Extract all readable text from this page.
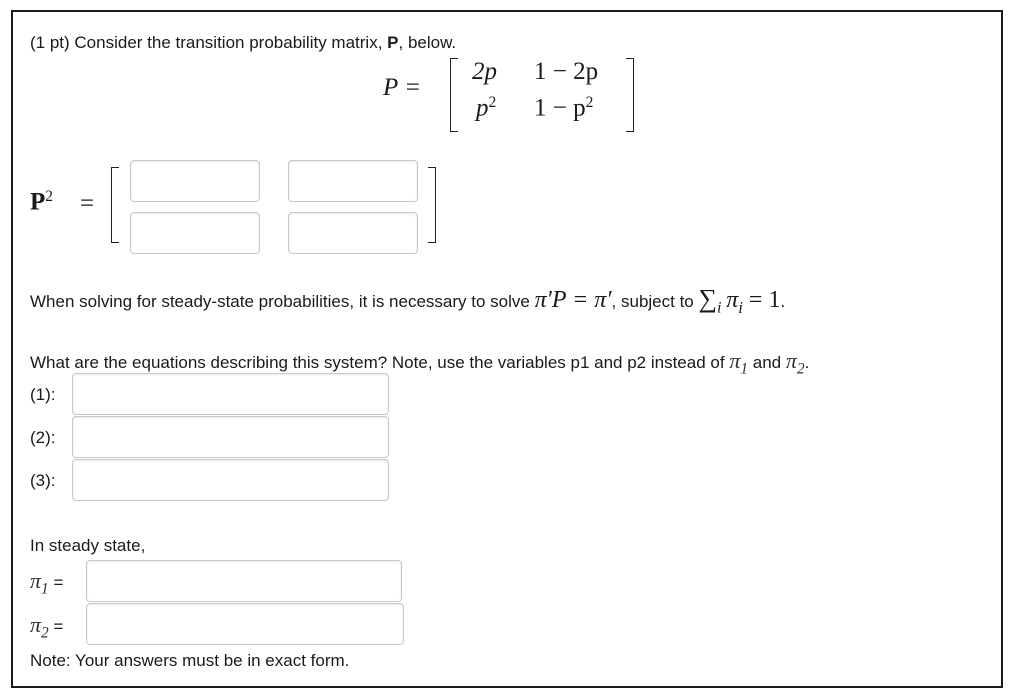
(1 pt) Consider the transition probability matrix, P, below.
P =
2p 1 − 2p
$p^2$ $1 - p^2$
$P^2$ =
When solving for steady-state probabilities, it is necessary to solve π′P = π′, subject to ∑i $\pi_i = 1$.
What are the equations describing this system? Note, use the variables p1 and p2 instead of $\pi_1$ and $\pi_2$.
(1):
(2):
(3):
In steady state,
$\pi_1$ =
$\pi_2$ =
Note: Your answers must be in exact form.
